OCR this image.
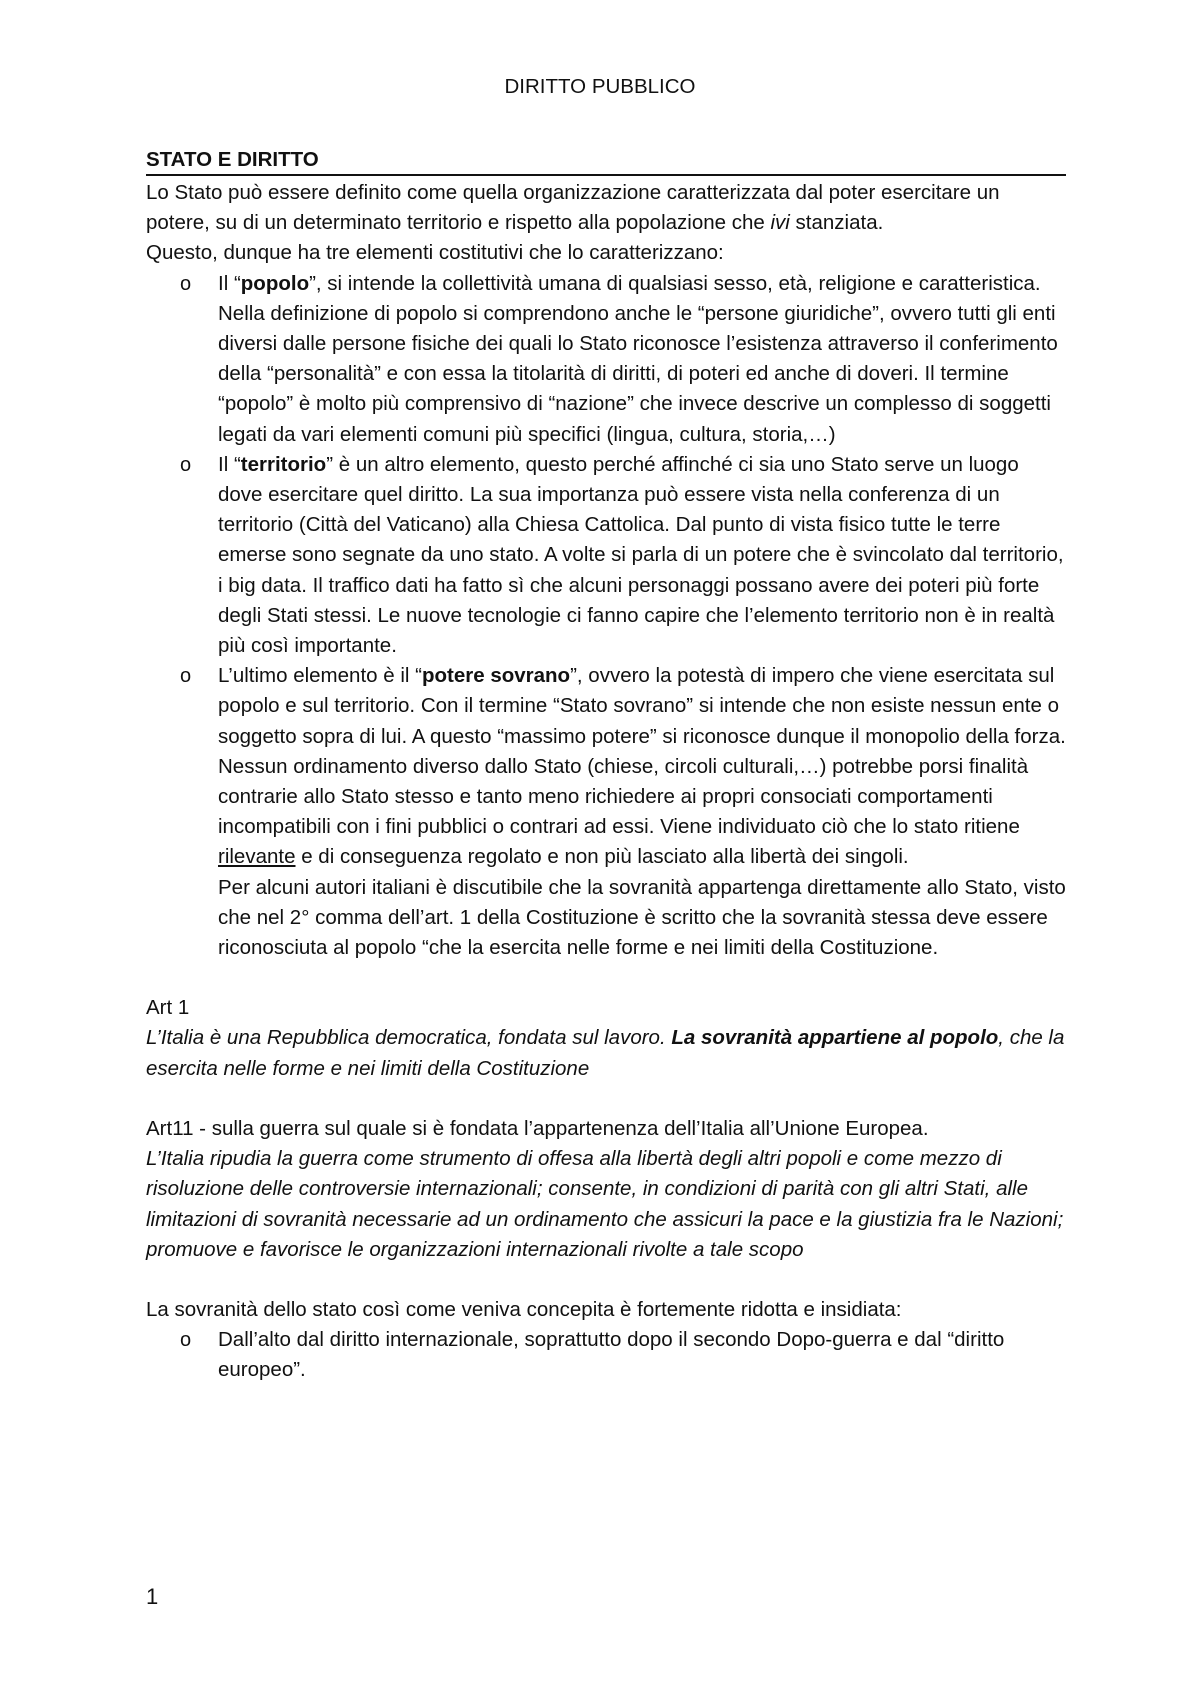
DIRITTO PUBBLICO
STATO E DIRITTO

Lo Stato può essere definito come quella organizzazione caratterizzata dal poter esercitare un potere, su di un determinato territorio e rispetto alla popolazione che ivi stanziata.

Questo, dunque ha tre elementi costitutivi che lo caratterizzano:

o Il “popolo”, si intende la collettività umana di qualsiasi sesso, età, religione e caratteristica. Nella definizione di popolo si comprendono anche le “persone giuridiche”, ovvero tutti gli enti diversi dalle persone fisiche dei quali lo Stato riconosce l’esistenza attraverso il conferimento della “personalità” e con essa la titolarità di diritti, di poteri ed anche di doveri. Il termine “popolo” è molto più comprensivo di “nazione” che invece descrive un complesso di soggetti legati da vari elementi comuni più specifici (lingua, cultura, storia,…)
o Il “territorio” è un altro elemento, questo perché affinché ci sia uno Stato serve un luogo dove esercitare quel diritto. La sua importanza può essere vista nella conferenza di un territorio (Città del Vaticano) alla Chiesa Cattolica. Dal punto di vista fisico tutte le terre emerse sono segnate da uno stato. A volte si parla di un potere che è svincolato dal territorio, i big data. Il traffico dati ha fatto sì che alcuni personaggi possano avere dei poteri più forte degli Stati stessi. Le nuove tecnologie ci fanno capire che l’elemento territorio non è in realtà più così importante.
o L’ultimo elemento è il “potere sovrano”, ovvero la potestà di impero che viene esercitata sul popolo e sul territorio. Con il termine “Stato sovrano” si intende che non esiste nessun ente o soggetto sopra di lui. A questo “massimo potere” si riconosce dunque il monopolio della forza.

Nessun ordinamento diverso dallo Stato (chiese, circoli culturali,…) potrebbe porsi finalità contrarie allo Stato stesso e tanto meno richiedere ai propri consociati comportamenti incompatibili con i fini pubblici o contrari ad essi. Viene individuato ciò che lo stato ritiene rilevante e di conseguenza regolato e non più lasciato alla libertà dei singoli.

Per alcuni autori italiani è discutibile che la sovranità appartenga direttamente allo Stato, visto che nel 2° comma dell’art. 1 della Costituzione è scritto che la sovranità stessa deve essere riconosciuta al popolo “che la esercita nelle forme e nei limiti della Costituzione.

Art 1

L’Italia è una Repubblica democratica, fondata sul lavoro. La sovranità appartiene al popolo, che la esercita nelle forme e nei limiti della Costituzione

Art11 - sulla guerra sul quale si è fondata l’appartenenza dell’Italia all’Unione Europea.

L’Italia ripudia la guerra come strumento di offesa alla libertà degli altri popoli e come mezzo di risoluzione delle controversie internazionali; consente, in condizioni di parità con gli altri Stati, alle limitazioni di sovranità necessarie ad un ordinamento che assicuri la pace e la giustizia fra le Nazioni; promuove e favorisce le organizzazioni internazionali rivolte a tale scopo

La sovranità dello stato così come veniva concepita è fortemente ridotta e insidiata:

o Dall’alto dal diritto internazionale, soprattutto dopo il secondo Dopo-guerra e dal “diritto europeo”.
1
